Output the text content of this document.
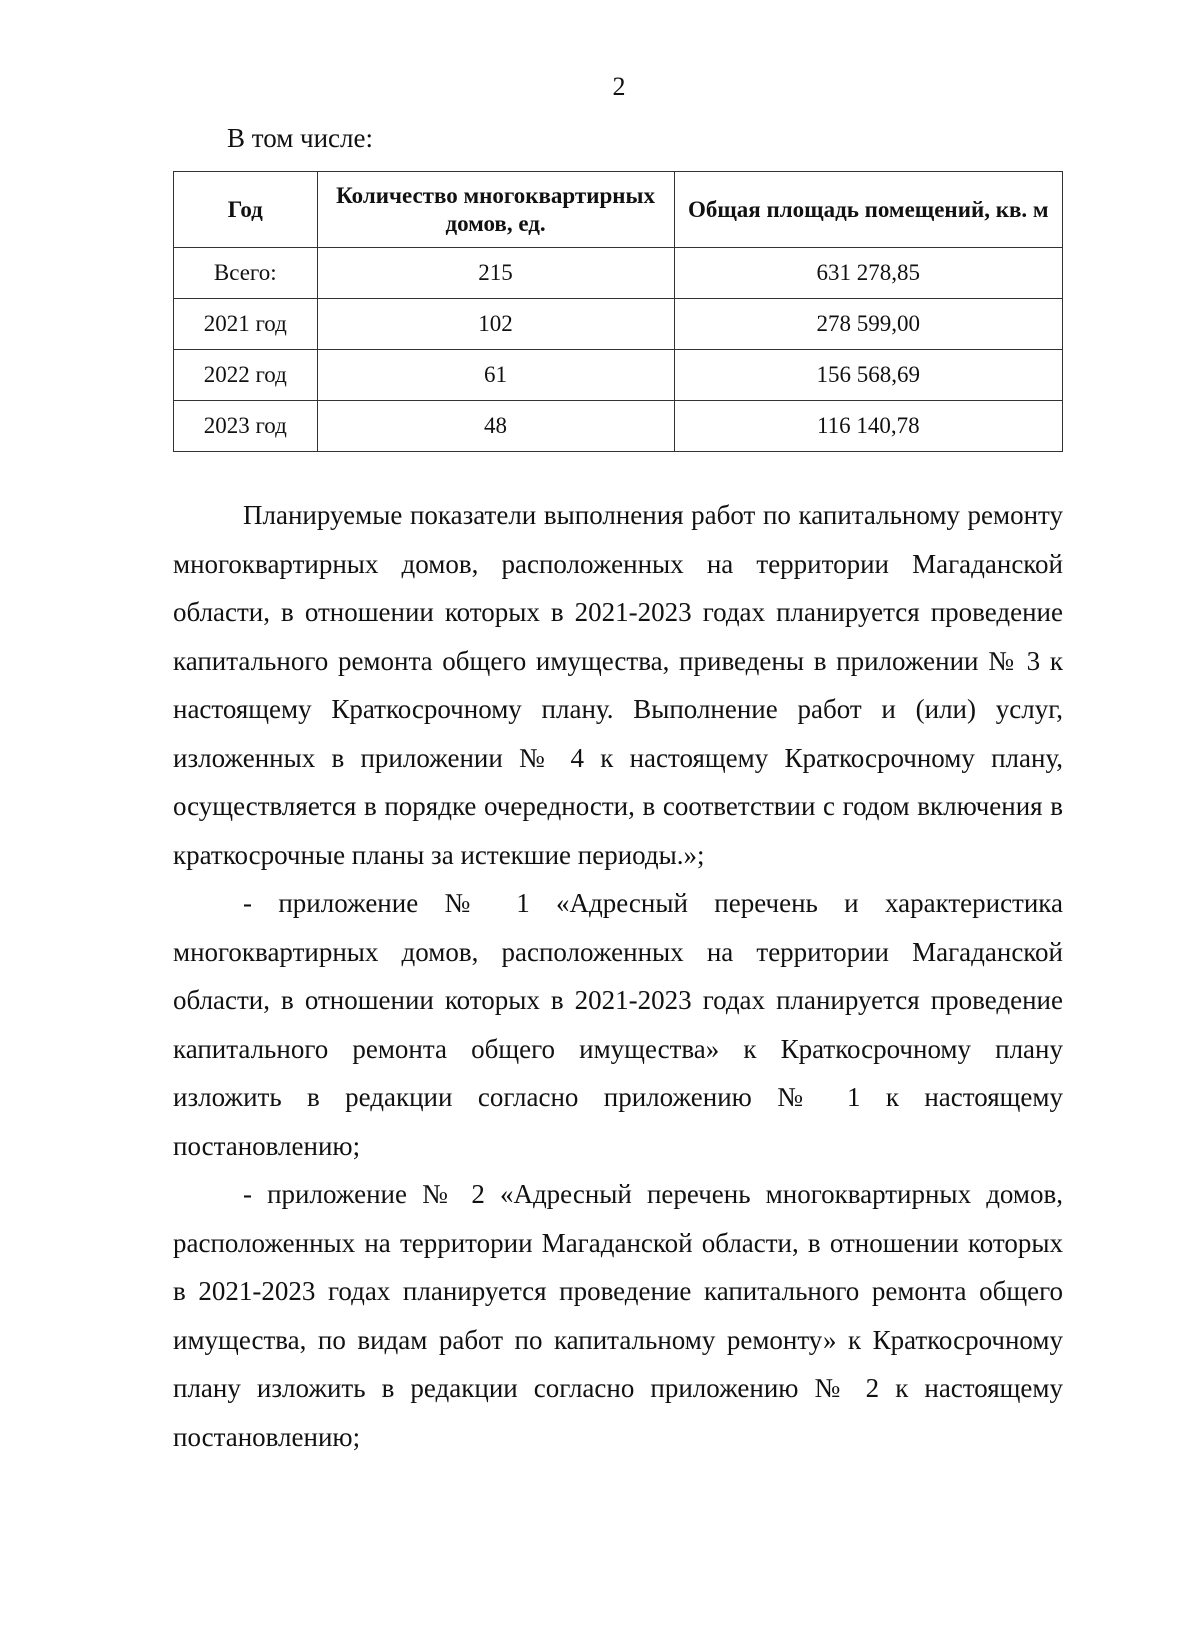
2
В том числе:
Год	Количество многоквартирных домов, ед.	Общая площадь помещений, кв. м
Всего:	215	631 278,85
2021 год	102	278 599,00
2022 год	61	156 568,69
2023 год	48	116 140,78

Планируемые показатели выполнения работ по капитальному ремонту многоквартирных домов, расположенных на территории Магаданской области, в отношении которых в 2021-2023 годах планируется проведение капитального ремонта общего имущества, приведены в приложении № 3 к настоящему Краткосрочному плану. Выполнение работ и (или) услуг, изложенных в приложении № 4 к настоящему Краткосрочному плану, осуществляется в порядке очередности, в соответствии с годом включения в краткосрочные планы за истекшие периоды.»;

- приложение № 1 «Адресный перечень и характеристика многоквартирных домов, расположенных на территории Магаданской области, в отношении которых в 2021-2023 годах планируется проведение капитального ремонта общего имущества» к Краткосрочному плану изложить в редакции согласно приложению № 1 к настоящему постановлению;

- приложение № 2 «Адресный перечень многоквартирных домов, расположенных на территории Магаданской области, в отношении которых в 2021-2023 годах планируется проведение капитального ремонта общего имущества, по видам работ по капитальному ремонту» к Краткосрочному плану изложить в редакции согласно приложению № 2 к настоящему постановлению;
